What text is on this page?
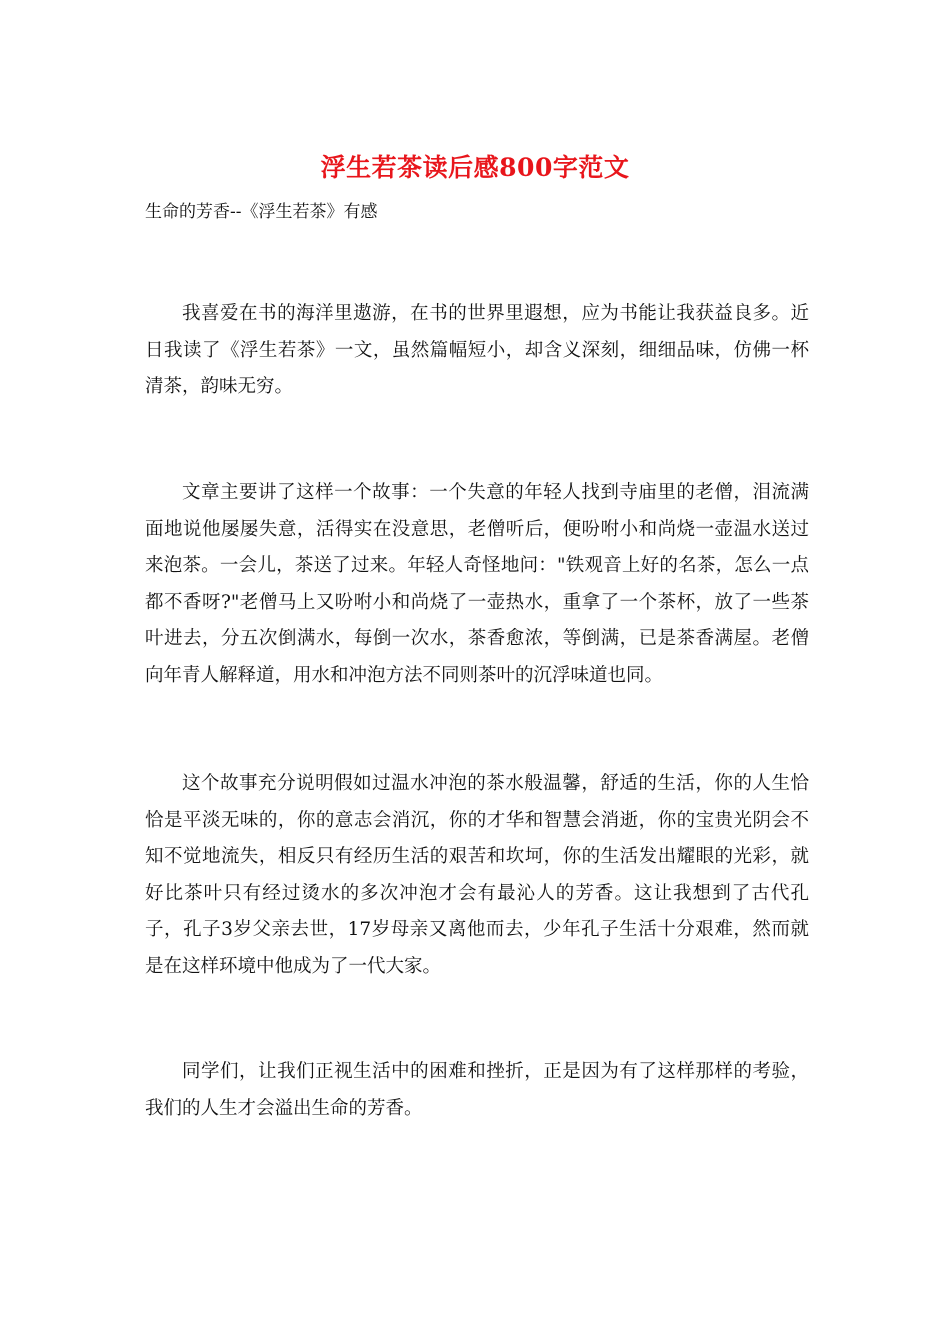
浮生若茶读后感800字范文
生命的芳香--《浮生若茶》有感

我喜爱在书的海洋里遨游，在书的世界里遐想，应为书能让我获益良多。近日我读了《浮生若茶》一文，虽然篇幅短小，却含义深刻，细细品味，仿佛一杯清茶，韵味无穷。

文章主要讲了这样一个故事：一个失意的年轻人找到寺庙里的老僧，泪流满面地说他屡屡失意，活得实在没意思，老僧听后，便吩咐小和尚烧一壶温水送过来泡茶。一会儿，茶送了过来。年轻人奇怪地问："铁观音上好的名茶，怎么一点都不香呀?"老僧马上又吩咐小和尚烧了一壶热水，重拿了一个茶杯，放了一些茶叶进去，分五次倒满水，每倒一次水，茶香愈浓，等倒满，已是茶香满屋。老僧向年青人解释道，用水和冲泡方法不同则茶叶的沉浮味道也同。

这个故事充分说明假如过温水冲泡的茶水般温馨，舒适的生活，你的人生恰恰是平淡无味的，你的意志会消沉，你的才华和智慧会消逝，你的宝贵光阴会不知不觉地流失，相反只有经历生活的艰苦和坎坷，你的生活发出耀眼的光彩，就好比茶叶只有经过烫水的多次冲泡才会有最沁人的芳香。这让我想到了古代孔子，孔子3岁父亲去世，17岁母亲又离他而去，少年孔子生活十分艰难，然而就是在这样环境中他成为了一代大家。

同学们，让我们正视生活中的困难和挫折，正是因为有了这样那样的考验，我们的人生才会溢出生命的芳香。
